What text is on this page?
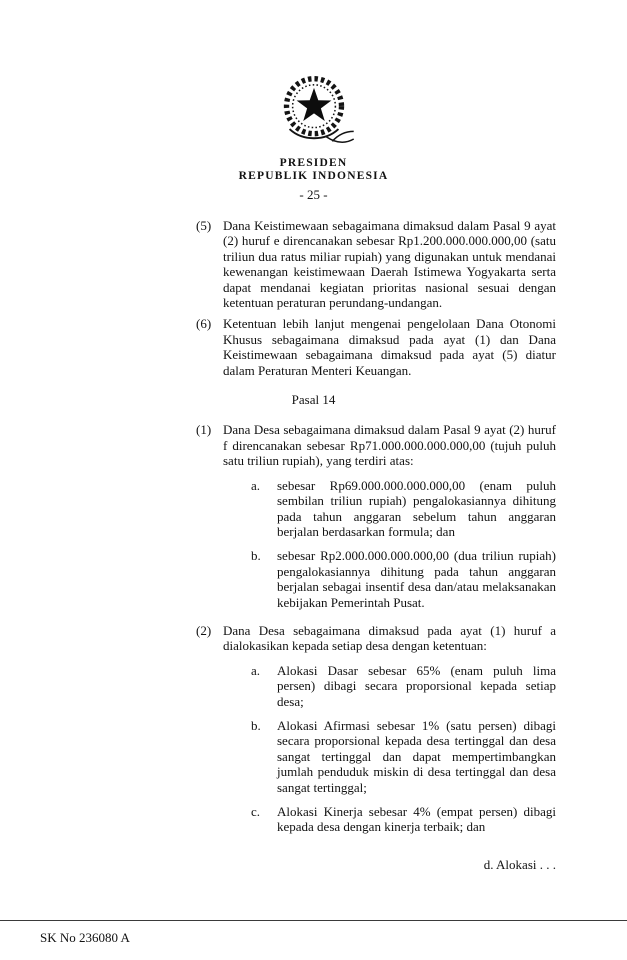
PRESIDEN
REPUBLIK INDONESIA
- 25 -
(5) Dana Keistimewaan sebagaimana dimaksud dalam Pasal 9 ayat (2) huruf e direncanakan sebesar Rp1.200.000.000.000,00 (satu triliun dua ratus miliar rupiah) yang digunakan untuk mendanai kewenangan keistimewaan Daerah Istimewa Yogyakarta serta dapat mendanai kegiatan prioritas nasional sesuai dengan ketentuan peraturan perundang-undangan.
(6) Ketentuan lebih lanjut mengenai pengelolaan Dana Otonomi Khusus sebagaimana dimaksud pada ayat (1) dan Dana Keistimewaan sebagaimana dimaksud pada ayat (5) diatur dalam Peraturan Menteri Keuangan.
Pasal 14
(1) Dana Desa sebagaimana dimaksud dalam Pasal 9 ayat (2) huruf f direncanakan sebesar Rp71.000.000.000.000,00 (tujuh puluh satu triliun rupiah), yang terdiri atas:
a.	sebesar Rp69.000.000.000.000,00 (enam puluh sembilan triliun rupiah) pengalokasiannya dihitung pada tahun anggaran sebelum tahun anggaran berjalan berdasarkan formula; dan
b.	sebesar Rp2.000.000.000.000,00 (dua triliun rupiah) pengalokasiannya dihitung pada tahun anggaran berjalan sebagai insentif desa dan/atau melaksanakan kebijakan Pemerintah Pusat.
(2) Dana Desa sebagaimana dimaksud pada ayat (1) huruf a dialokasikan kepada setiap desa dengan ketentuan:
a.	Alokasi Dasar sebesar 65% (enam puluh lima persen) dibagi secara proporsional kepada setiap desa;
b.	Alokasi Afirmasi sebesar 1% (satu persen) dibagi secara proporsional kepada desa tertinggal dan desa sangat tertinggal dan dapat mempertimbangkan jumlah penduduk miskin di desa tertinggal dan desa sangat tertinggal;
c.	Alokasi Kinerja sebesar 4% (empat persen) dibagi kepada desa dengan kinerja terbaik; dan
d. Alokasi . . .
SK No 236080 A
